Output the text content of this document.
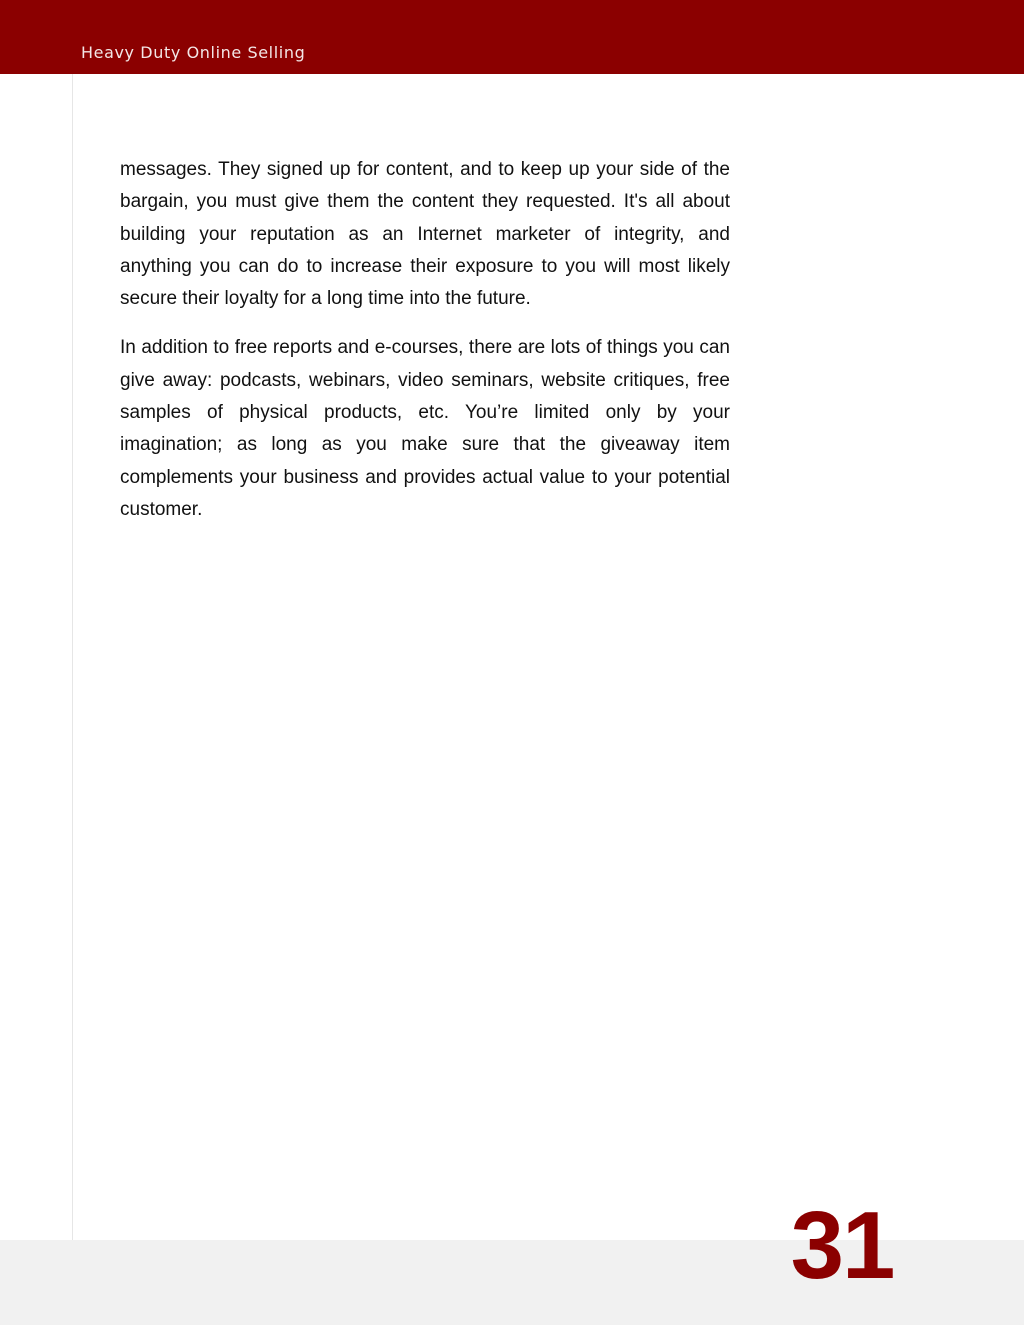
Heavy Duty Online Selling

messages. They signed up for content, and to keep up your side of the bargain, you must give them the content they requested. It's all about building your reputation as an Internet marketer of integrity, and anything you can do to increase their exposure to you will most likely secure their loyalty for a long time into the future.

In addition to free reports and e-courses, there are lots of things you can give away: podcasts, webinars, video seminars, website critiques, free samples of physical products, etc. You’re limited only by your imagination; as long as you make sure that the giveaway item complements your business and provides actual value to your potential customer.

31
